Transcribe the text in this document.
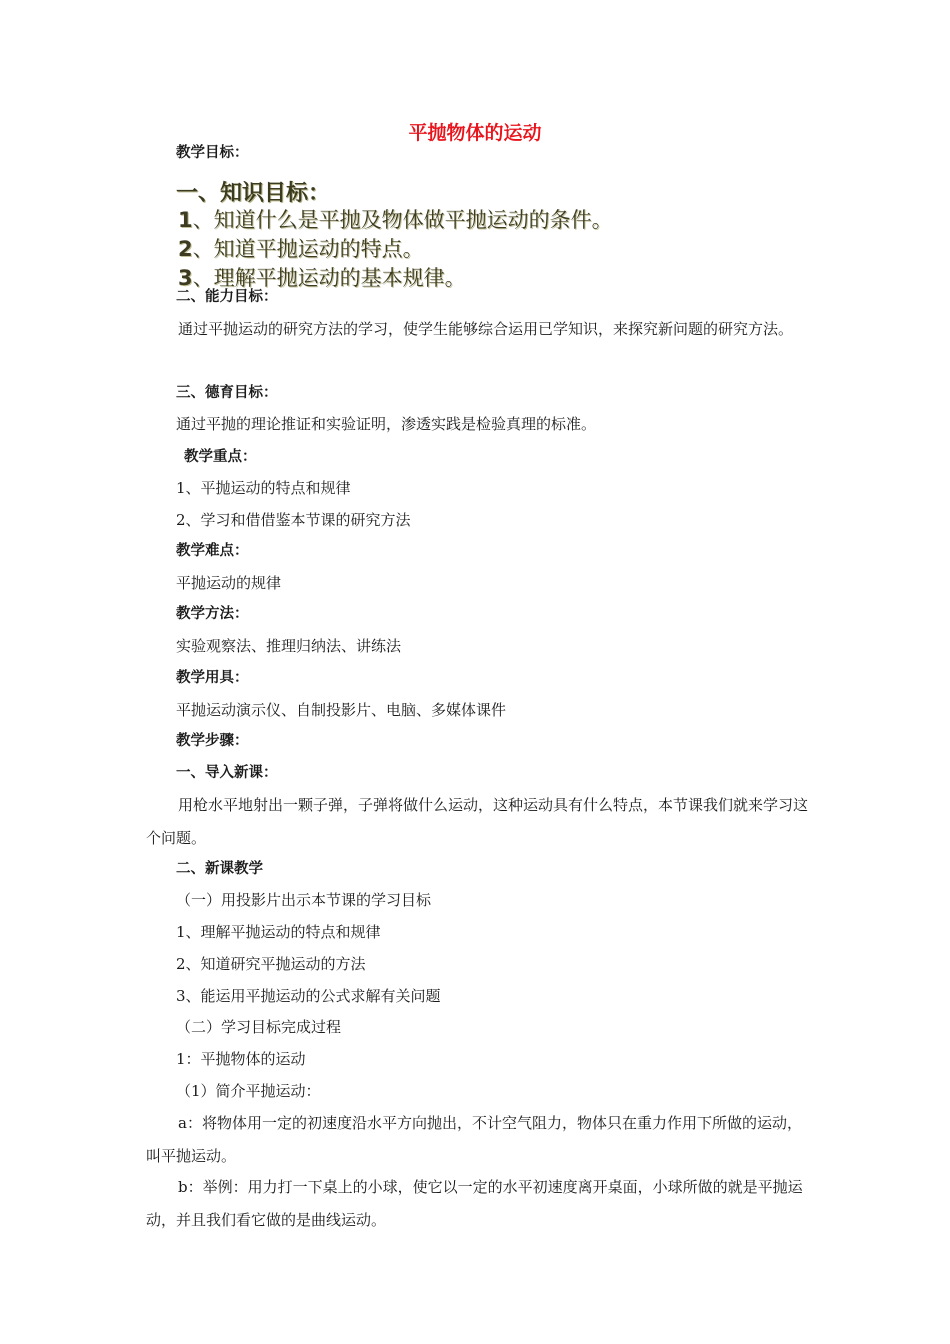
平抛物体的运动
教学目标：
一、知识目标：
1、知道什么是平抛及物体做平抛运动的条件。
2、知道平抛运动的特点。
3、理解平抛运动的基本规律。
二、能力目标：
通过平抛运动的研究方法的学习，使学生能够综合运用已学知识，来探究新问题的研究方法。
三、德育目标：
通过平抛的理论推证和实验证明，渗透实践是检验真理的标准。
教学重点：
1、平抛运动的特点和规律
2、学习和借借鉴本节课的研究方法
教学难点：
平抛运动的规律
教学方法：
实验观察法、推理归纳法、讲练法
教学用具：
平抛运动演示仪、自制投影片、电脑、多媒体课件
教学步骤：
一、导入新课：
用枪水平地射出一颗子弹，子弹将做什么运动，这种运动具有什么特点，本节课我们就来学习这个问题。
二、新课教学
（一）用投影片出示本节课的学习目标
1、理解平抛运动的特点和规律
2、知道研究平抛运动的方法
3、能运用平抛运动的公式求解有关问题
（二）学习目标完成过程
1：平抛物体的运动
（1）简介平抛运动：
a：将物体用一定的初速度沿水平方向抛出，不计空气阻力，物体只在重力作用下所做的运动，叫平抛运动。
b：举例：用力打一下桌上的小球，使它以一定的水平初速度离开桌面，小球所做的就是平抛运动，并且我们看它做的是曲线运动。
